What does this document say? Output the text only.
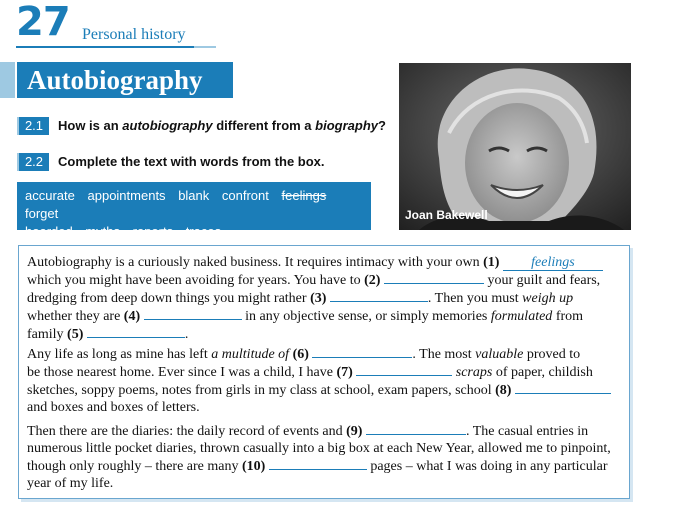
27 Personal history
Autobiography
2.1	How is an autobiography different from a biography?
2.2	Complete the text with words from the box.
accurate appointments blank confront feelings forget
hoarded myths reports traces
Joan Bakewell
Autobiography is a curiously naked business. It requires intimacy with your own (1) feelings
which you might have been avoiding for years. You have to (2)	your guilt and fears,
dredging from deep down things you might rather (3)	. Then you must weigh up
whether they are (4)	in any objective sense, or simply memories formulated from
family (5)	.
Any life as long as mine has left a multitude of (6)	. The most valuable proved to
be those nearest home. Ever since I was a child, I have (7)	scraps of paper, childish
sketches, soppy poems, notes from girls in my class at school, exam papers, school (8)
and boxes and boxes of letters.
Then there are the diaries: the daily record of events and (9)	. The casual entries in
numerous little pocket diaries, thrown casually into a big box at each New Year, allowed me to pinpoint,
though only roughly – there are many (10)	pages – what I was doing in any particular
year of my life.
